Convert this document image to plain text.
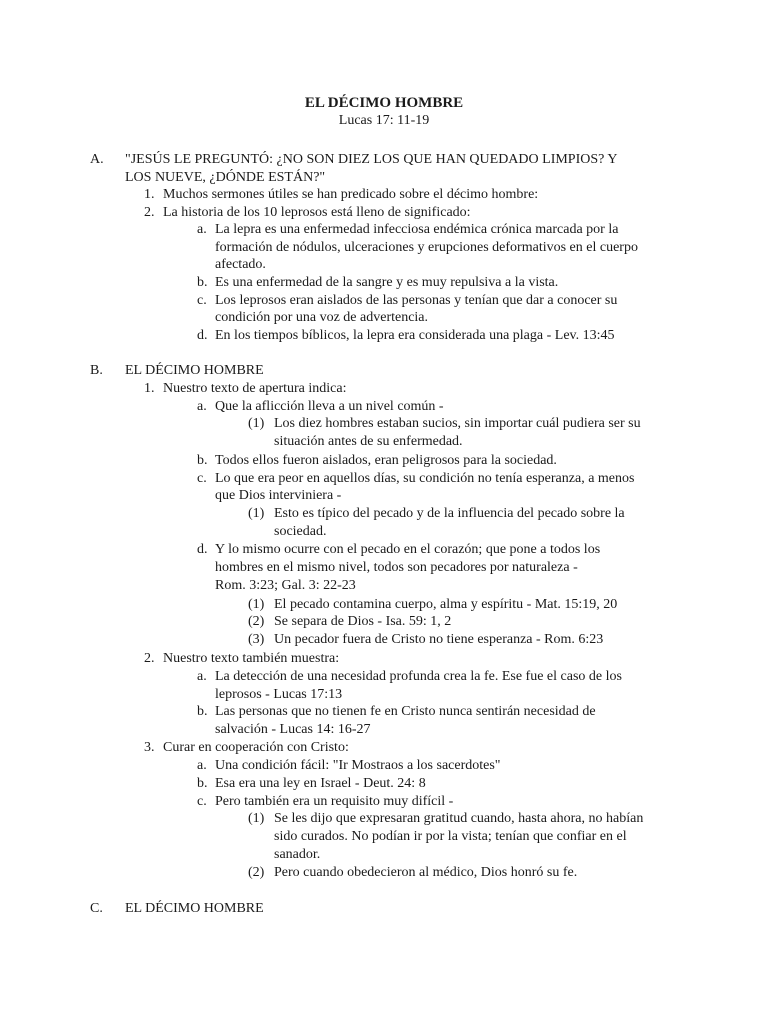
EL DÉCIMO HOMBRE
Lucas 17: 11-19
A. "JESÚS LE PREGUNTÓ: ¿NO SON DIEZ LOS QUE HAN QUEDADO LIMPIOS? Y
LOS NUEVE, ¿DÓNDE ESTÁN?"
1. Muchos sermones útiles se han predicado sobre el décimo hombre:
2. La historia de los 10 leprosos está lleno de significado:
a. La lepra es una enfermedad infecciosa endémica crónica marcada por la
formación de nódulos, ulceraciones y erupciones deformativos en el cuerpo
afectado.
b. Es una enfermedad de la sangre y es muy repulsiva a la vista.
c. Los leprosos eran aislados de las personas y tenían que dar a conocer su
condición por una voz de advertencia.
d. En los tiempos bíblicos, la lepra era considerada una plaga - Lev. 13:45
B. EL DÉCIMO HOMBRE
1. Nuestro texto de apertura indica:
a. Que la aflicción lleva a un nivel común -
(1) Los diez hombres estaban sucios, sin importar cuál pudiera ser su
situación antes de su enfermedad.
b. Todos ellos fueron aislados, eran peligrosos para la sociedad.
c. Lo que era peor en aquellos días, su condición no tenía esperanza, a menos
que Dios interviniera -
(1) Esto es típico del pecado y de la influencia del pecado sobre la
sociedad.
d. Y lo mismo ocurre con el pecado en el corazón; que pone a todos los
hombres en el mismo nivel, todos son pecadores por naturaleza -
Rom. 3:23; Gal. 3: 22-23
(1) El pecado contamina cuerpo, alma y espíritu - Mat. 15:19, 20
(2) Se separa de Dios - Isa. 59: 1, 2
(3) Un pecador fuera de Cristo no tiene esperanza - Rom. 6:23
2. Nuestro texto también muestra:
a. La detección de una necesidad profunda crea la fe. Ese fue el caso de los
leprosos - Lucas 17:13
b. Las personas que no tienen fe en Cristo nunca sentirán necesidad de
salvación - Lucas 14: 16-27
3. Curar en cooperación con Cristo:
a. Una condición fácil: "Ir Mostraos a los sacerdotes"
b. Esa era una ley en Israel - Deut. 24: 8
c. Pero también era un requisito muy difícil -
(1) Se les dijo que expresaran gratitud cuando, hasta ahora, no habían
sido curados. No podían ir por la vista; tenían que confiar en el
sanador.
(2) Pero cuando obedecieron al médico, Dios honró su fe.
C. EL DÉCIMO HOMBRE
